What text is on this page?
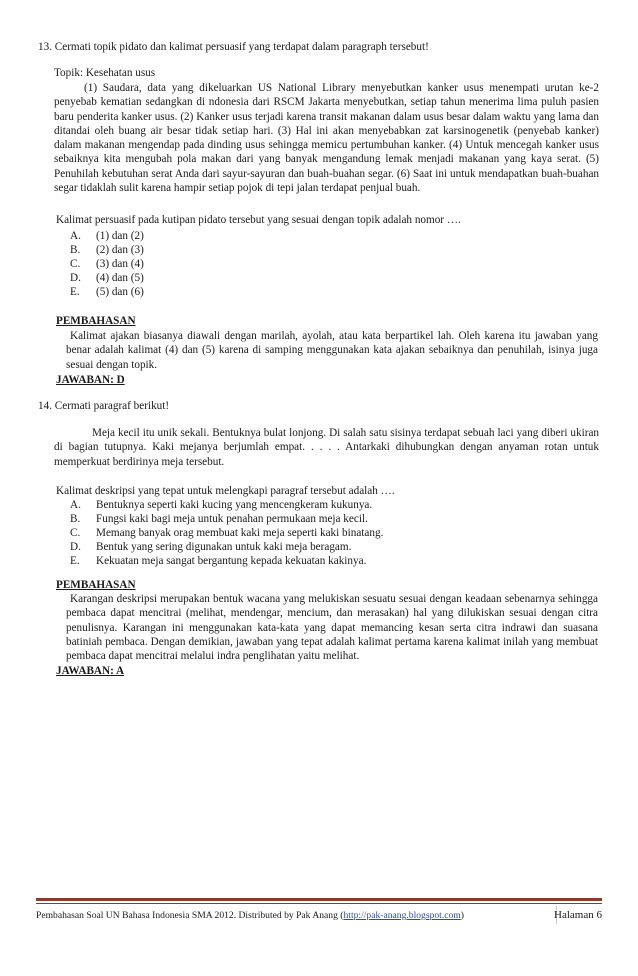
13. Cermati topik pidato dan kalimat persuasif yang terdapat dalam paragraph tersebut!
Topik: Kesehatan usus

(1) Saudara, data yang dikeluarkan US National Library menyebutkan kanker usus menempati urutan ke-2 penyebab kematian sedangkan di ndonesia dari RSCM Jakarta menyebutkan, setiap tahun menerima lima puluh pasien baru penderita kanker usus. (2) Kanker usus terjadi karena transit makanan dalam usus besar dalam waktu yang lama dan ditandai oleh buang air besar tidak setiap hari. (3) Hal ini akan menyebabkan zat karsinogenetik (penyebab kanker) dalam makanan mengendap pada dinding usus sehingga memicu pertumbuhan kanker. (4) Untuk mencegah kanker usus sebaiknya kita mengubah pola makan dari yang banyak mengandung lemak menjadi makanan yang kaya serat. (5) Penuhilah kebutuhan serat Anda dari sayur-sayuran dan buah-buahan segar. (6) Saat ini untuk mendapatkan buah-buahan segar tidaklah sulit karena hampir setiap pojok di tepi jalan terdapat penjual buah.

Kalimat persuasif pada kutipan pidato tersebut yang sesuai dengan topik adalah nomor ….
A. (1) dan (2)
B. (2) dan (3)
C. (3) dan (4)
D. (4) dan (5)
E. (5) dan (6)
PEMBAHASAN

Kalimat ajakan biasanya diawali dengan marilah, ayolah, atau kata berpartikel lah. Oleh karena itu jawaban yang benar adalah kalimat (4) dan (5) karena di samping menggunakan kata ajakan sebaiknya dan penuhilah, isinya juga sesuai dengan topik.

JAWABAN: D
14. Cermati paragraf berikut!

Meja kecil itu unik sekali. Bentuknya bulat lonjong. Di salah satu sisinya terdapat sebuah laci yang diberi ukiran di bagian tutupnya. Kaki mejanya berjumlah empat. . . . . Antarkaki dihubungkan dengan anyaman rotan untuk memperkuat berdirinya meja tersebut.

Kalimat deskripsi yang tepat untuk melengkapi paragraf tersebut adalah ….
A. Bentuknya seperti kaki kucing yang mencengkeram kukunya.
B. Fungsi kaki bagi meja untuk penahan permukaan meja kecil.
C. Memang banyak orag membuat kaki meja seperti kaki binatang.
D. Bentuk yang sering digunakan untuk kaki meja beragam.
E. Kekuatan meja sangat bergantung kepada kekuatan kakinya.
PEMBAHASAN

Karangan deskripsi merupakan bentuk wacana yang melukiskan sesuatu sesuai dengan keadaan sebenarnya sehingga pembaca dapat mencitrai (melihat, mendengar, mencium, dan merasakan) hal yang dilukiskan sesuai dengan citra penulisnya. Karangan ini menggunakan kata-kata yang dapat memancing kesan serta citra indrawi dan suasana batiniah pembaca. Dengan demikian, jawaban yang tepat adalah kalimat pertama karena kalimat inilah yang membuat pembaca dapat mencitrai melalui indra penglihatan yaitu melihat.

JAWABAN: A
Pembahasan Soal UN Bahasa Indonesia SMA 2012. Distributed by Pak Anang (http://pak-anang.blogspot.com)	Halaman 6
